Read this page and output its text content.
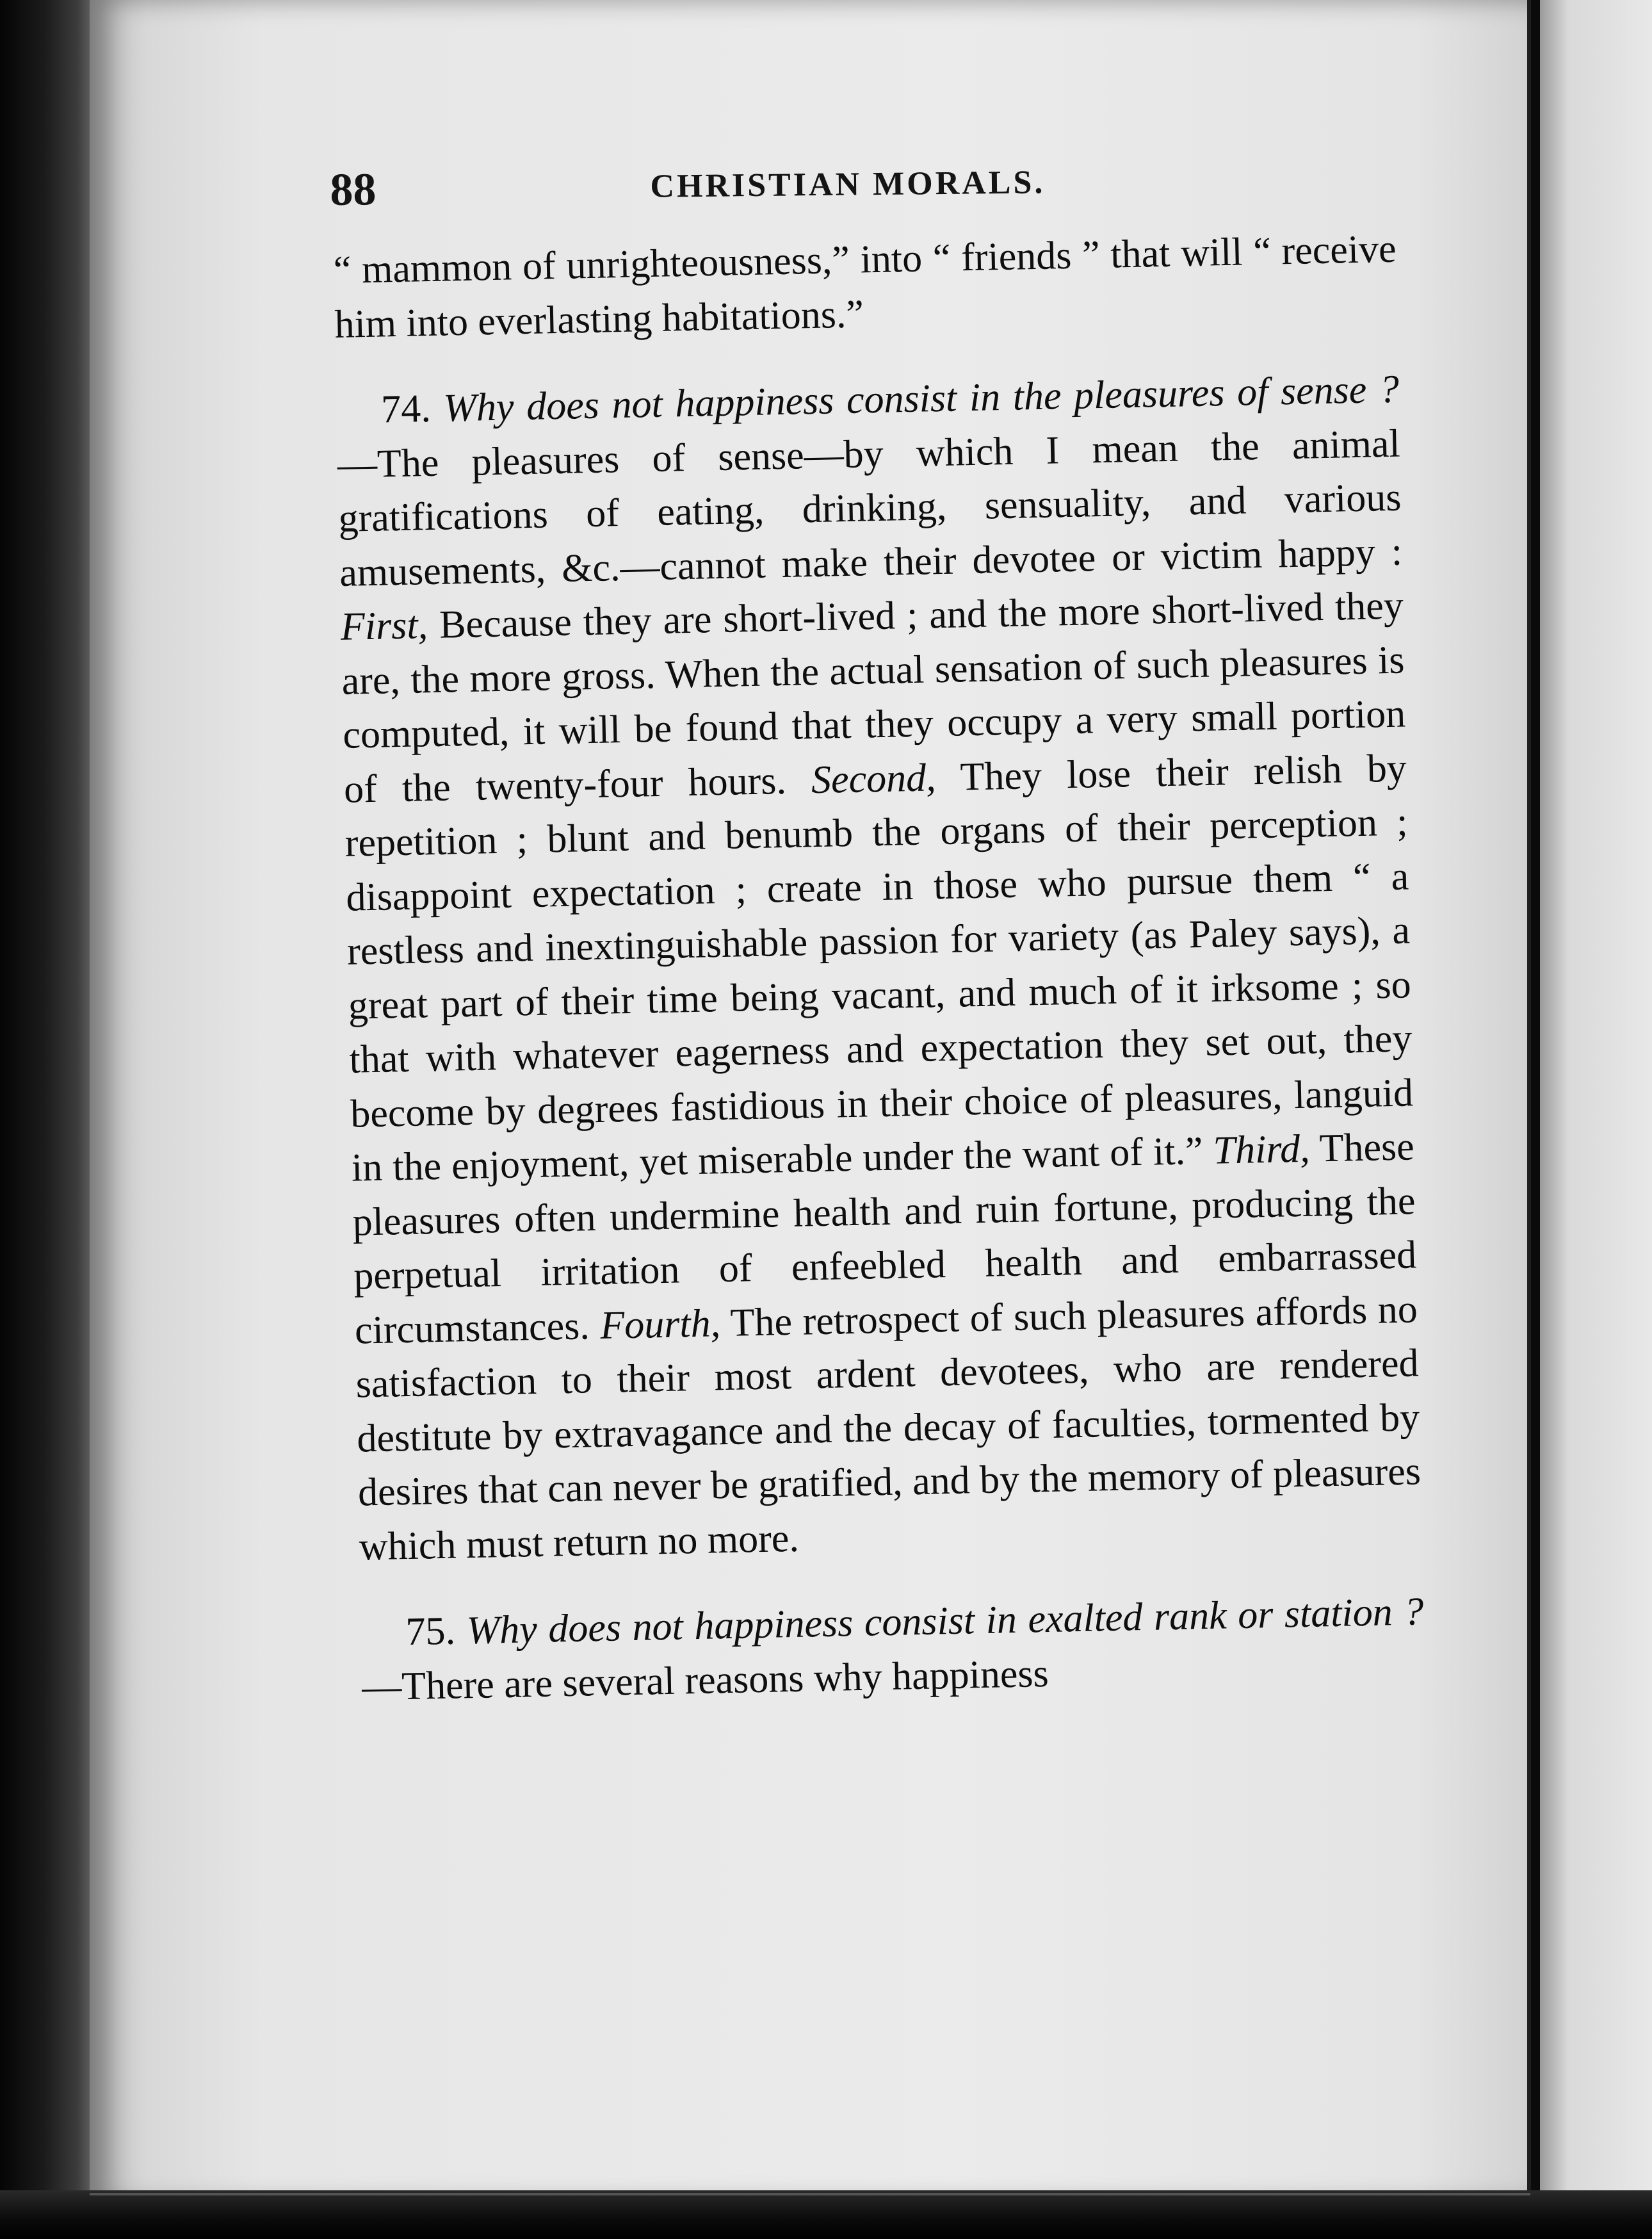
88	CHRISTIAN MORALS.

“ mammon of unrighteousness,” into “ friends ” that will “ receive him into everlasting habitations.”

74. Why does not happiness consist in the pleasures of sense ?—The pleasures of sense—by which I mean the animal gratifications of eating, drinking, sensuality, and various amusements, &c.—cannot make their devotee or victim happy : First, Because they are short-lived ; and the more short-lived they are, the more gross. When the actual sensation of such pleasures is computed, it will be found that they occupy a very small portion of the twenty-four hours. Second, They lose their relish by repetition ; blunt and benumb the organs of their perception ; disappoint expectation ; create in those who pursue them “ a restless and inextinguishable passion for variety (as Paley says), a great part of their time being vacant, and much of it irksome ; so that with whatever eagerness and expectation they set out, they become by degrees fastidious in their choice of pleasures, languid in the enjoyment, yet miserable under the want of it.” Third, These pleasures often undermine health and ruin fortune, producing the perpetual irritation of enfeebled health and embarrassed circumstances. Fourth, The retrospect of such pleasures affords no satisfaction to their most ardent devotees, who are rendered destitute by extravagance and the decay of faculties, tormented by desires that can never be gratified, and by the memory of pleasures which must return no more.

75. Why does not happiness consist in exalted rank or station ?—There are several reasons why happiness
